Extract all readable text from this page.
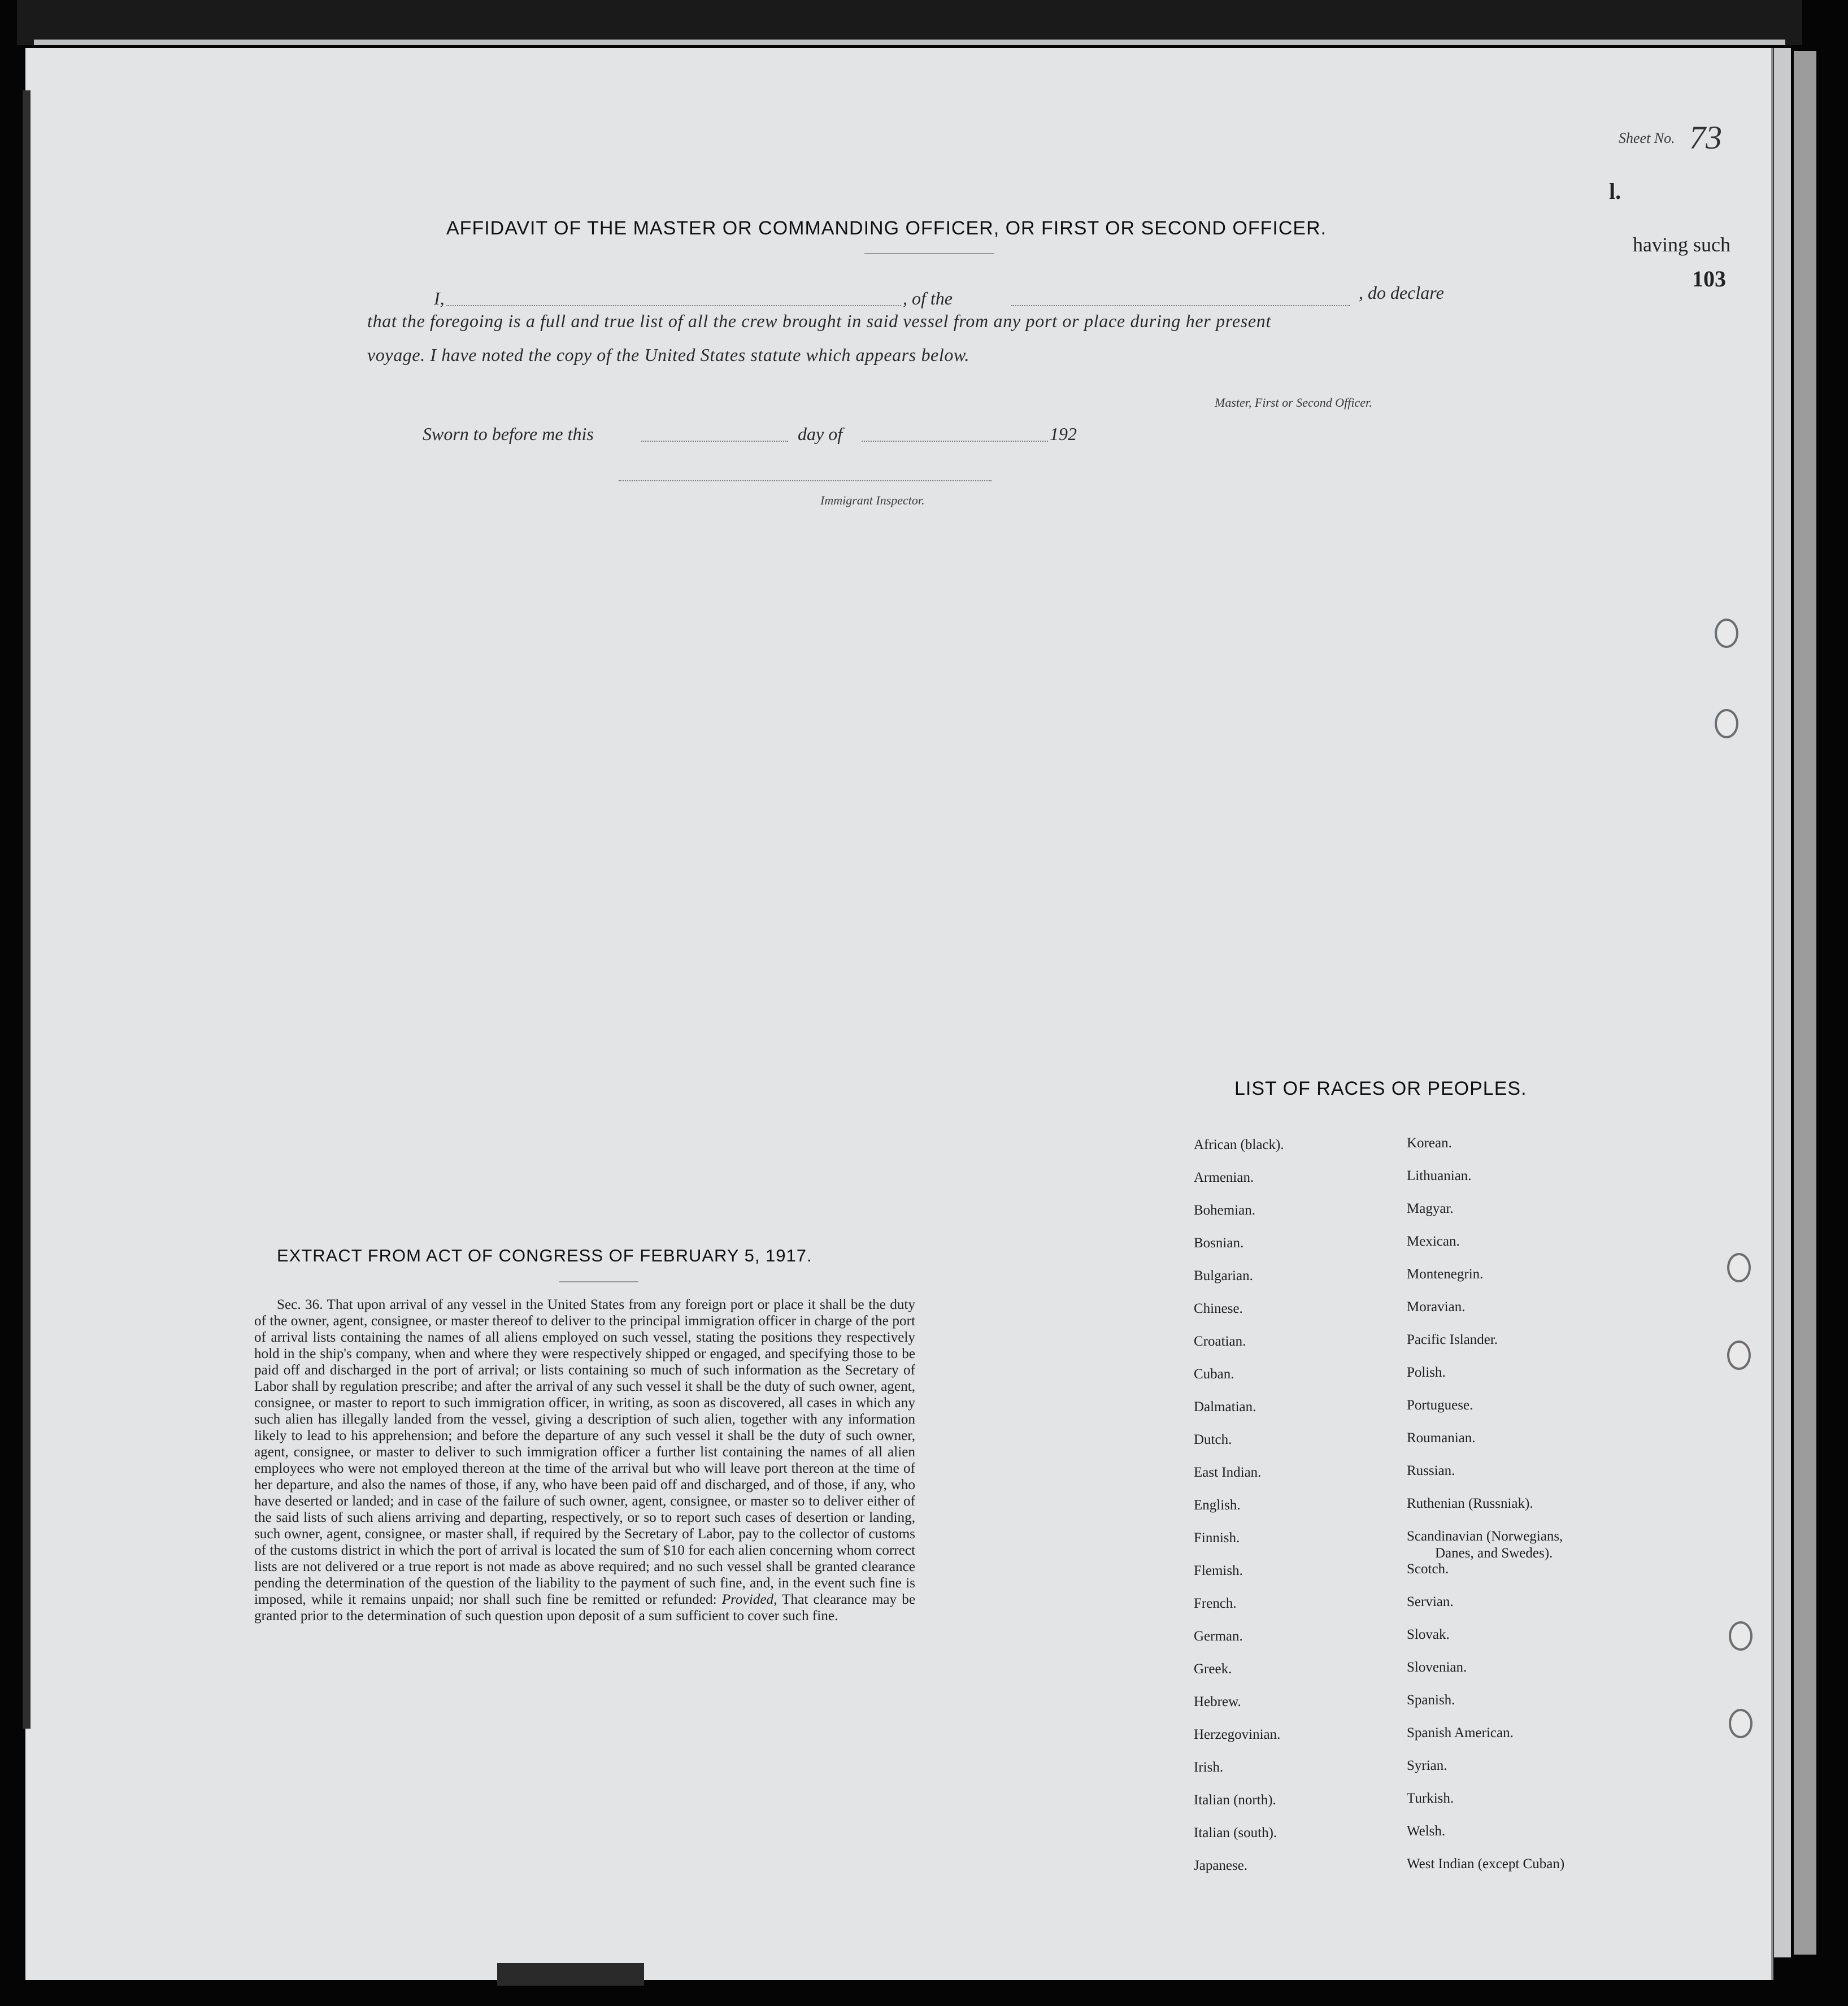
Sheet No. 73
l.
having such
103
AFFIDAVIT OF THE MASTER OR COMMANDING OFFICER, OR FIRST OR SECOND OFFICER.
I,	, of the	, do declare
that the foregoing is a full and true list of all the crew brought in said vessel from any port or place during her present
voyage. I have noted the copy of the United States statute which appears below.
Master, First or Second Officer.
Sworn to before me this	day of	192
Immigrant Inspector.
EXTRACT FROM ACT OF CONGRESS OF FEBRUARY 5, 1917.
Sec. 36. That upon arrival of any vessel in the United States from any foreign port or place it shall be the duty of the owner, agent, consignee, or master thereof to deliver to the principal immigration officer in charge of the port of arrival lists containing the names of all aliens employed on such vessel, stating the positions they respectively hold in the ship's company, when and where they were respectively shipped or engaged, and specifying those to be paid off and discharged in the port of arrival; or lists containing so much of such information as the Secretary of Labor shall by regulation prescribe; and after the arrival of any such vessel it shall be the duty of such owner, agent, consignee, or master to report to such immigration officer, in writing, as soon as discovered, all cases in which any such alien has illegally landed from the vessel, giving a description of such alien, together with any information likely to lead to his apprehension; and before the departure of any such vessel it shall be the duty of such owner, agent, consignee, or master to deliver to such immigration officer a further list containing the names of all alien employees who were not employed thereon at the time of the arrival but who will leave port thereon at the time of her departure, and also the names of those, if any, who have been paid off and discharged, and of those, if any, who have deserted or landed; and in case of the failure of such owner, agent, consignee, or master so to deliver either of the said lists of such aliens arriving and departing, respectively, or so to report such cases of desertion or landing, such owner, agent, consignee, or master shall, if required by the Secretary of Labor, pay to the collector of customs of the customs district in which the port of arrival is located the sum of $10 for each alien concerning whom correct lists are not delivered or a true report is not made as above required; and no such vessel shall be granted clearance pending the determination of the question of the liability to the payment of such fine, and, in the event such fine is imposed, while it remains unpaid; nor shall such fine be remitted or refunded: Provided, That clearance may be granted prior to the determination of such question upon deposit of a sum sufficient to cover such fine.
LIST OF RACES OR PEOPLES.
African (black).
Armenian.
Bohemian.
Bosnian.
Bulgarian.
Chinese.
Croatian.
Cuban.
Dalmatian.
Dutch.
East Indian.
English.
Finnish.
Flemish.
French.
German.
Greek.
Hebrew.
Herzegovinian.
Irish.
Italian (north).
Italian (south).
Japanese.
Korean.
Lithuanian.
Magyar.
Mexican.
Montenegrin.
Moravian.
Pacific Islander.
Polish.
Portuguese.
Roumanian.
Russian.
Ruthenian (Russniak).
Scandinavian (Norwegians,
Danes, and Swedes).
Scotch.
Servian.
Slovak.
Slovenian.
Spanish.
Spanish American.
Syrian.
Turkish.
Welsh.
West Indian (except Cuban)
